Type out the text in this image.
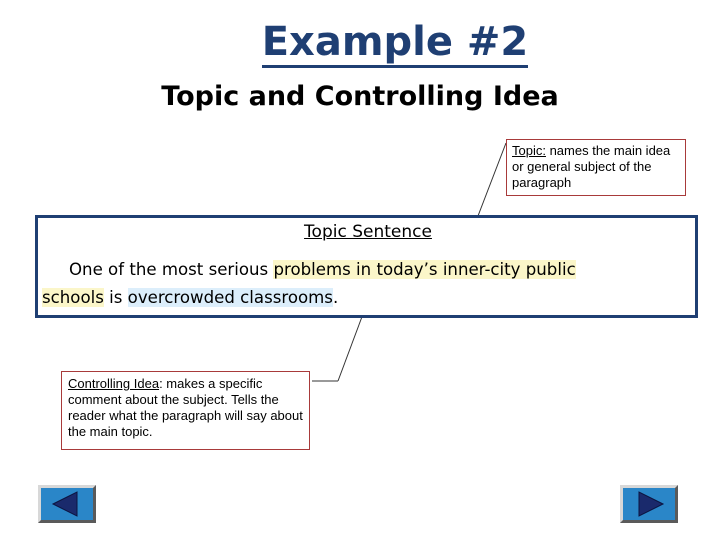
Example #2
Topic and Controlling Idea
Topic: names the main idea or general subject of the paragraph
Topic Sentence
One of the most serious problems in today’s inner-city public
schools is overcrowded classrooms.
Controlling Idea: makes a specific comment about the subject. Tells the reader what the paragraph will say about the main topic.
